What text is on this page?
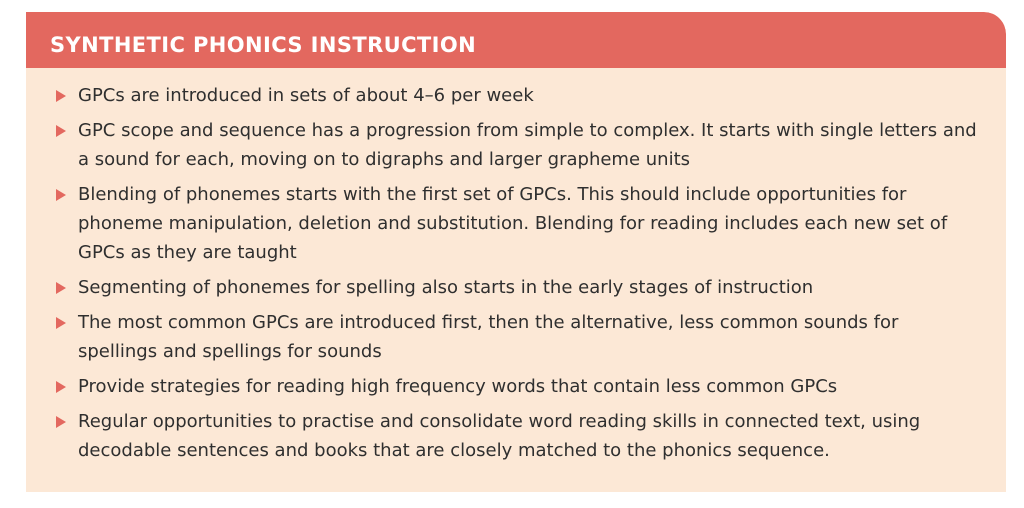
SYNTHETIC PHONICS INSTRUCTION
GPCs are introduced in sets of about 4–6 per week
GPC scope and sequence has a progression from simple to complex. It starts with single letters and a sound for each, moving on to digraphs and larger grapheme units
Blending of phonemes starts with the first set of GPCs. This should include opportunities for phoneme manipulation, deletion and substitution. Blending for reading includes each new set of GPCs as they are taught
Segmenting of phonemes for spelling also starts in the early stages of instruction
The most common GPCs are introduced first, then the alternative, less common sounds for spellings and spellings for sounds
Provide strategies for reading high frequency words that contain less common GPCs
Regular opportunities to practise and consolidate word reading skills in connected text, using decodable sentences and books that are closely matched to the phonics sequence.
